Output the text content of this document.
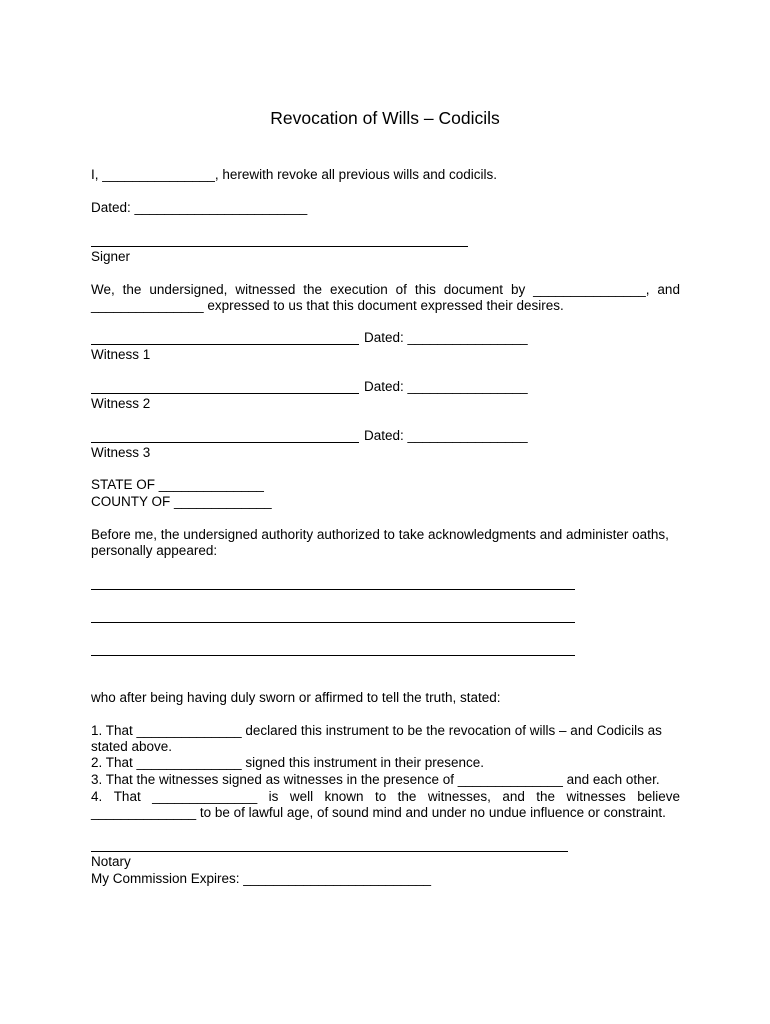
Revocation of Wills – Codicils
I, _______________, herewith revoke all previous wills and codicils.
Dated: _______________________
Signer
We, the undersigned, witnessed the execution of this document by _______________, and
_______________ expressed to us that this document expressed their desires.
Dated: ________________
Witness 1
Dated: ________________
Witness 2
Dated: ________________
Witness 3
STATE OF ______________
COUNTY OF _____________
Before me, the undersigned authority authorized to take acknowledgments and administer oaths,
personally appeared:
who after being having duly sworn or affirmed to tell the truth, stated:
1. That ______________ declared this instrument to be the revocation of wills – and Codicils as
stated above.
2. That ______________ signed this instrument in their presence.
3. That the witnesses signed as witnesses in the presence of ______________ and each other.
4. That ______________ is well known to the witnesses, and the witnesses believe
______________ to be of lawful age, of sound mind and under no undue influence or constraint.
Notary
My Commission Expires: _________________________
